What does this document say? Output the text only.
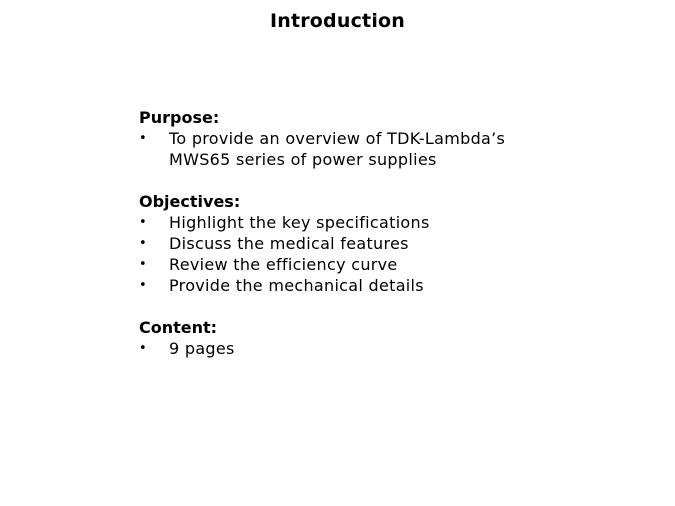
Introduction
Purpose:
•	To provide an overview of TDK-Lambda’s MWS65 series of power supplies
Objectives:
•	Highlight the key specifications
•	Discuss the medical features
•	Review the efficiency curve
•	Provide the mechanical details
Content:
•	9 pages
